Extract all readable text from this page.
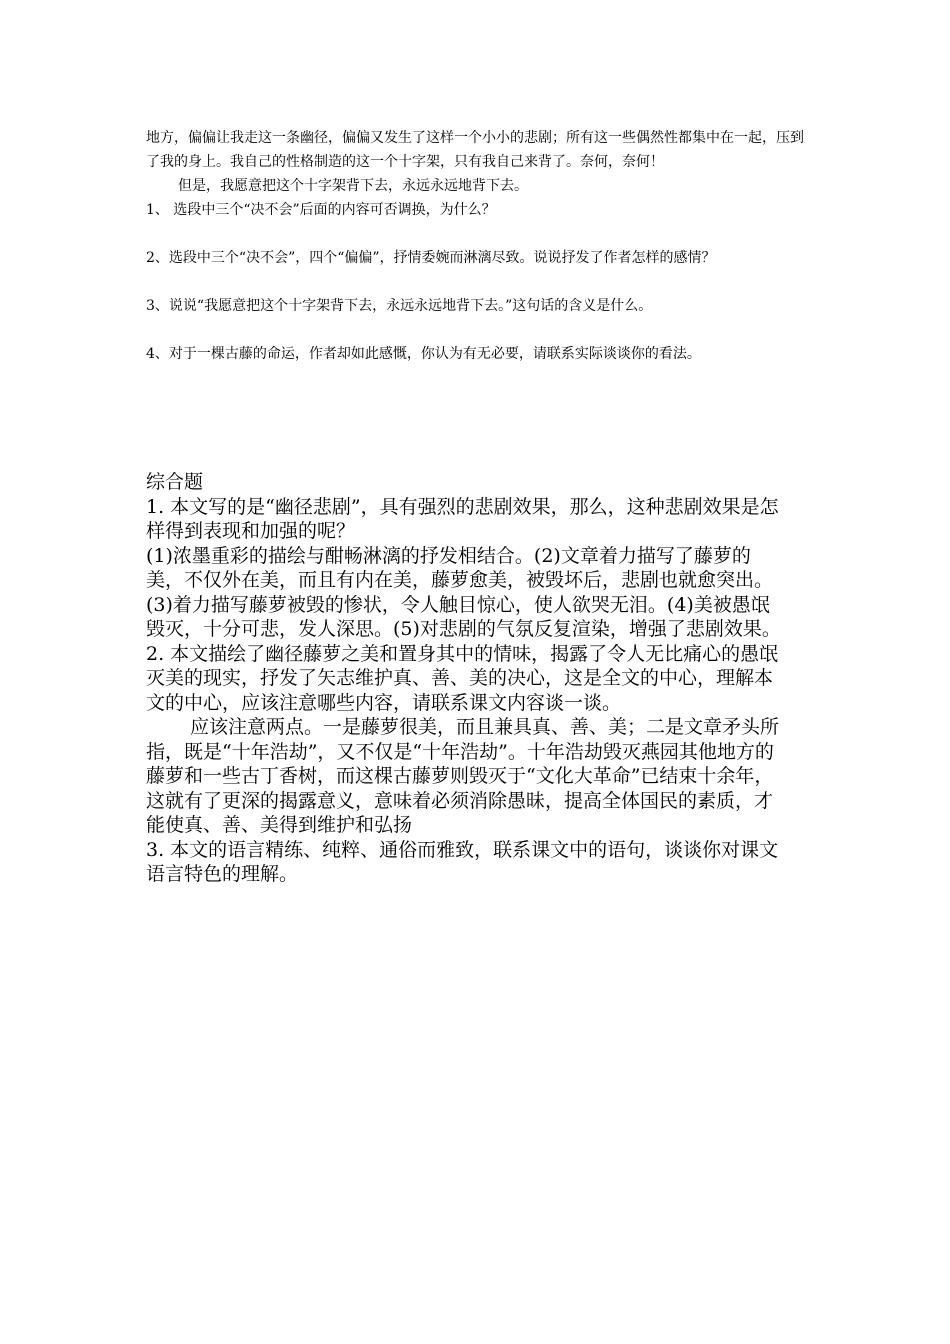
地方，偏偏让我走这一条幽径，偏偏又发生了这样一个小小的悲剧；所有这一些偶然性都集中在一起，压到了我的身上。我自己的性格制造的这一个十字架，只有我自己来背了。奈何，奈何！

但是，我愿意把这个十字架背下去，永远永远地背下去。

1、 选段中三个“决不会”后面的内容可否调换，为什么？

2、选段中三个“决不会”，四个“偏偏”，抒情委婉而淋漓尽致。说说抒发了作者怎样的感情？

3、说说“我愿意把这个十字架背下去，永远永远地背下去。”这句话的含义是什么。

4、对于一棵古藤的命运，作者却如此感慨，你认为有无必要，请联系实际谈谈你的看法。

综合题

1. 本文写的是“幽径悲剧”，具有强烈的悲剧效果，那么，这种悲剧效果是怎样得到表现和加强的呢？

(1)浓墨重彩的描绘与酣畅淋漓的抒发相结合。(2)文章着力描写了藤萝的美，不仅外在美，而且有内在美，藤萝愈美，被毁坏后，悲剧也就愈突出。(3)着力描写藤萝被毁的惨状，令人触目惊心，使人欲哭无泪。(4)美被愚氓毁灭，十分可悲，发人深思。(5)对悲剧的气氛反复渲染，增强了悲剧效果。

2. 本文描绘了幽径藤萝之美和置身其中的情味，揭露了令人无比痛心的愚氓灭美的现实，抒发了矢志维护真、善、美的决心，这是全文的中心，理解本文的中心，应该注意哪些内容，请联系课文内容谈一谈。

应该注意两点。一是藤萝很美，而且兼具真、善、美；二是文章矛头所指，既是“十年浩劫”，又不仅是“十年浩劫”。十年浩劫毁灭燕园其他地方的藤萝和一些古丁香树，而这棵古藤萝则毁灭于“文化大革命”已结束十余年，这就有了更深的揭露意义，意味着必须消除愚昧，提高全体国民的素质，才能使真、善、美得到维护和弘扬

3. 本文的语言精练、纯粹、通俗而雅致，联系课文中的语句，谈谈你对课文语言特色的理解。
